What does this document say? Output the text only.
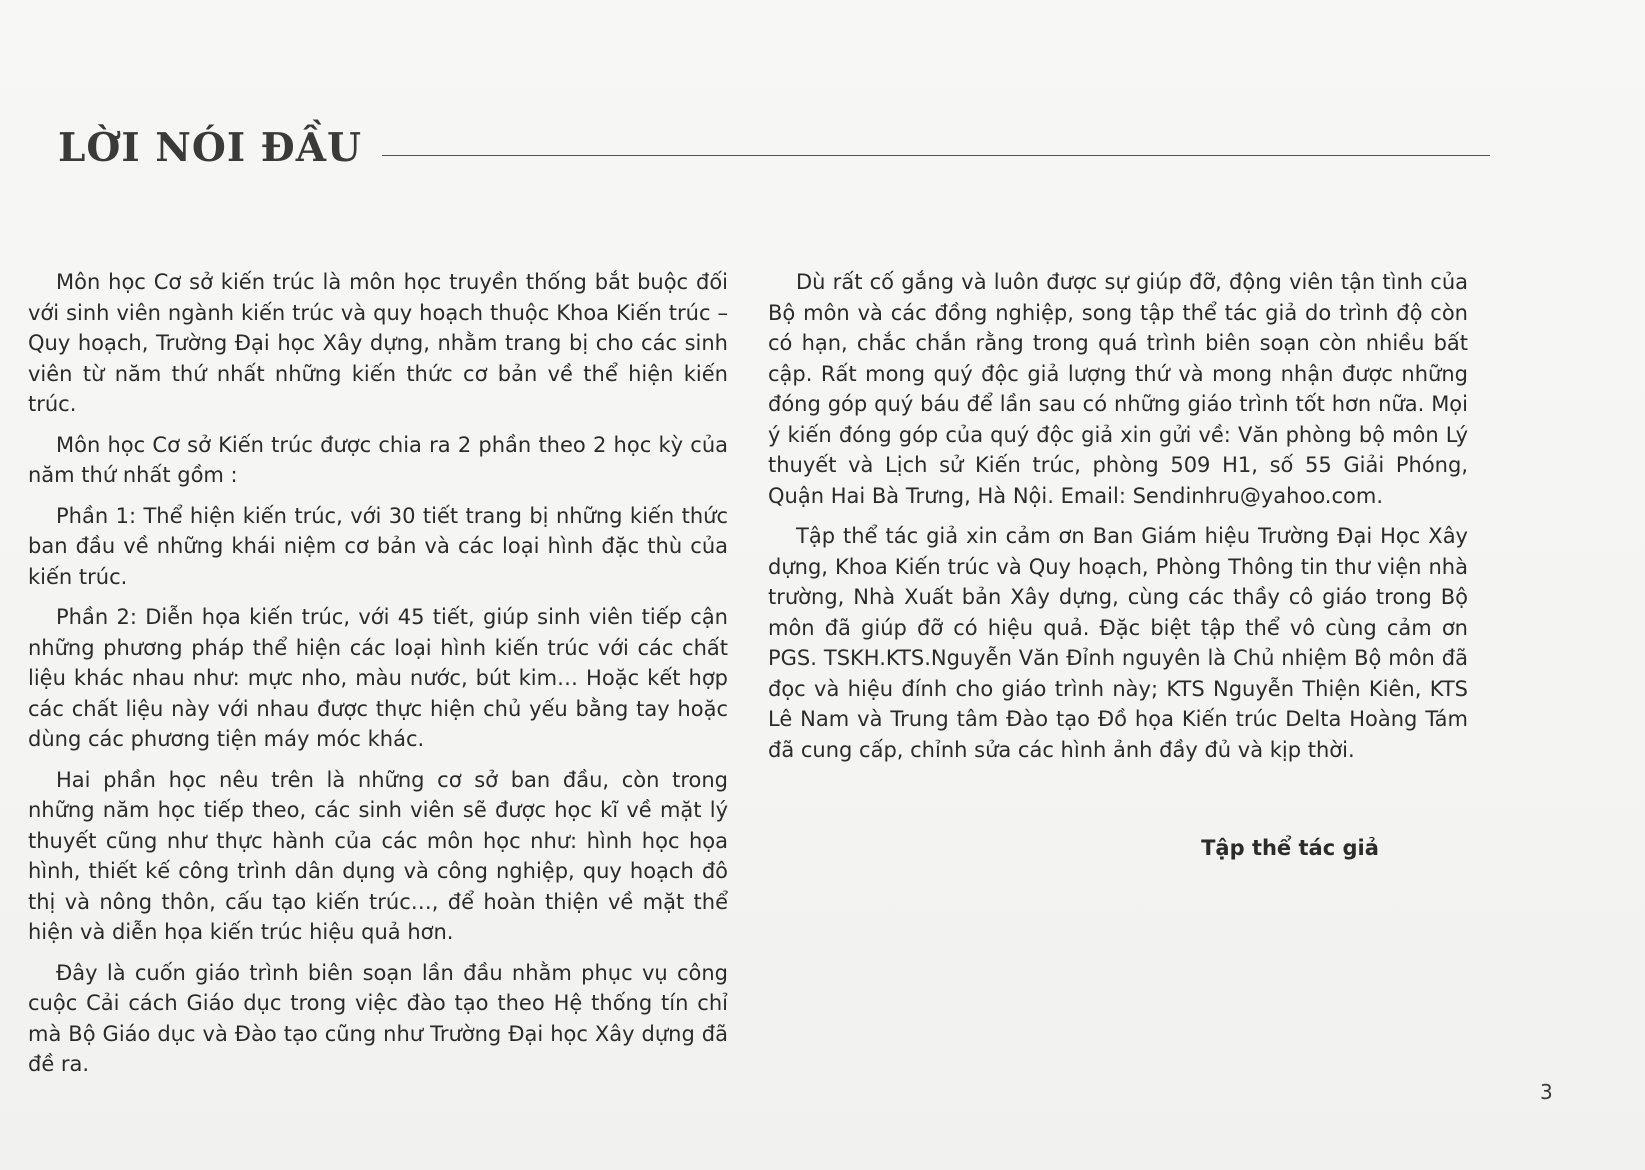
LỜI NÓI ĐẦU

Môn học Cơ sở kiến trúc là môn học truyền thống bắt buộc đối với sinh viên ngành kiến trúc và quy hoạch thuộc Khoa Kiến trúc – Quy hoạch, Trường Đại học Xây dựng, nhằm trang bị cho các sinh viên từ năm thứ nhất những kiến thức cơ bản về thể hiện kiến trúc.

Môn học Cơ sở Kiến trúc được chia ra 2 phần theo 2 học kỳ của năm thứ nhất gồm :

Phần 1: Thể hiện kiến trúc, với 30 tiết trang bị những kiến thức ban đầu về những khái niệm cơ bản và các loại hình đặc thù của kiến trúc.

Phần 2: Diễn họa kiến trúc, với 45 tiết, giúp sinh viên tiếp cận những phương pháp thể hiện các loại hình kiến trúc với các chất liệu khác nhau như: mực nho, màu nước, bút kim… Hoặc kết hợp các chất liệu này với nhau được thực hiện chủ yếu bằng tay hoặc dùng các phương tiện máy móc khác.

Hai phần học nêu trên là những cơ sở ban đầu, còn trong những năm học tiếp theo, các sinh viên sẽ được học kĩ về mặt lý thuyết cũng như thực hành của các môn học như: hình học họa hình, thiết kế công trình dân dụng và công nghiệp, quy hoạch đô thị và nông thôn, cấu tạo kiến trúc…, để hoàn thiện về mặt thể hiện và diễn họa kiến trúc hiệu quả hơn.

Đây là cuốn giáo trình biên soạn lần đầu nhằm phục vụ công cuộc Cải cách Giáo dục trong việc đào tạo theo Hệ thống tín chỉ mà Bộ Giáo dục và Đào tạo cũng như Trường Đại học Xây dựng đã đề ra.

Dù rất cố gắng và luôn được sự giúp đỡ, động viên tận tình của Bộ môn và các đồng nghiệp, song tập thể tác giả do trình độ còn có hạn, chắc chắn rằng trong quá trình biên soạn còn nhiều bất cập. Rất mong quý độc giả lượng thứ và mong nhận được những đóng góp quý báu để lần sau có những giáo trình tốt hơn nữa. Mọi ý kiến đóng góp của quý độc giả xin gửi về: Văn phòng bộ môn Lý thuyết và Lịch sử Kiến trúc, phòng 509 H1, số 55 Giải Phóng, Quận Hai Bà Trưng, Hà Nội. Email: Sendinhru@yahoo.com.

Tập thể tác giả xin cảm ơn Ban Giám hiệu Trường Đại Học Xây dựng, Khoa Kiến trúc và Quy hoạch, Phòng Thông tin thư viện nhà trường, Nhà Xuất bản Xây dựng, cùng các thầy cô giáo trong Bộ môn đã giúp đỡ có hiệu quả. Đặc biệt tập thể vô cùng cảm ơn PGS. TSKH.KTS.Nguyễn Văn Đỉnh nguyên là Chủ nhiệm Bộ môn đã đọc và hiệu đính cho giáo trình này; KTS Nguyễn Thiện Kiên, KTS Lê Nam và Trung tâm Đào tạo Đồ họa Kiến trúc Delta Hoàng Tám đã cung cấp, chỉnh sửa các hình ảnh đầy đủ và kịp thời.

Tập thể tác giả
3
